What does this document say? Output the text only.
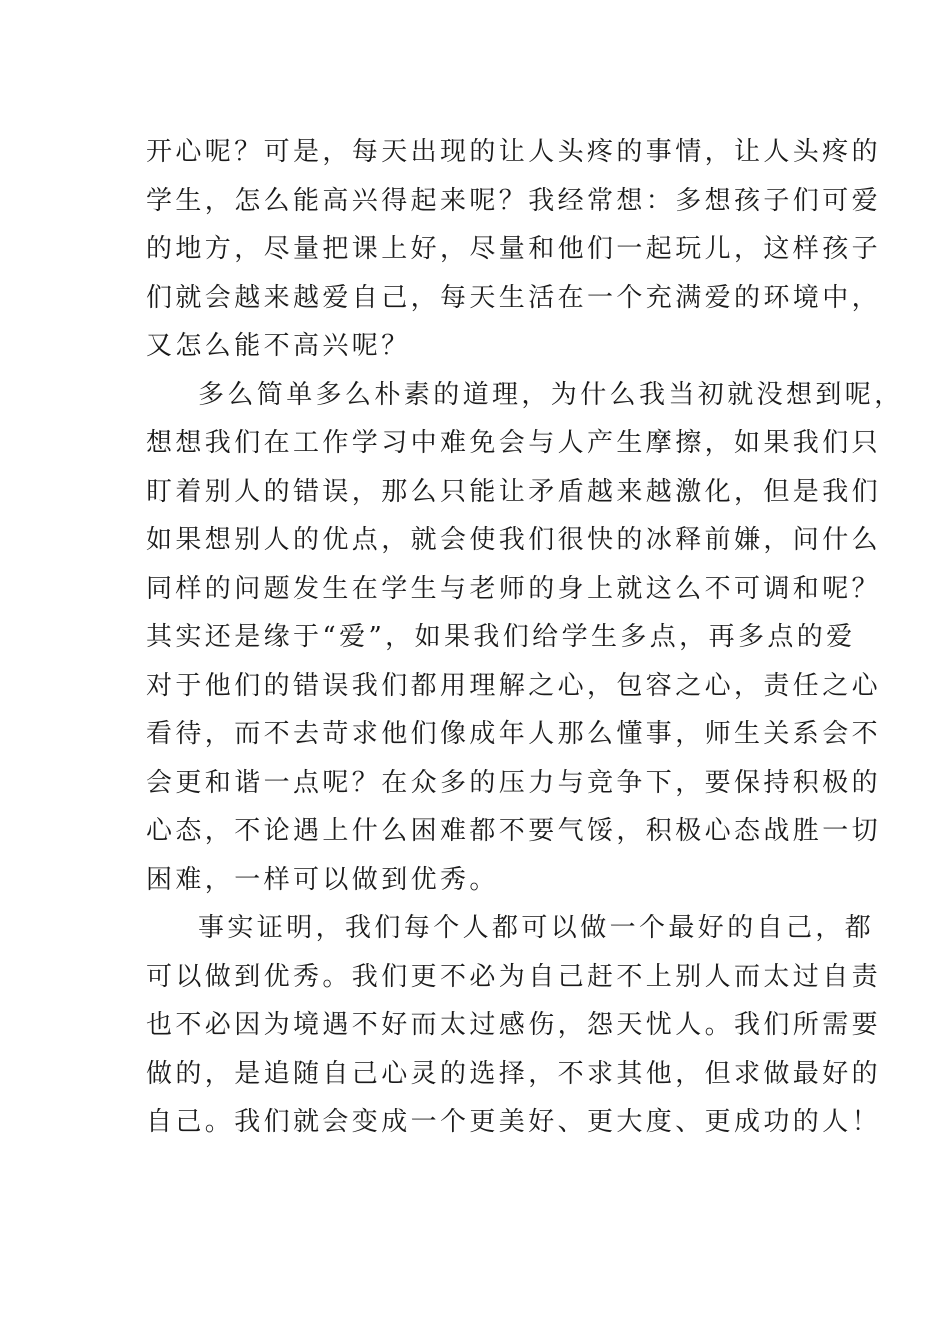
开心呢？可是，每天出现的让人头疼的事情，让人头疼的
学生，怎么能高兴得起来呢？我经常想：多想孩子们可爱
的地方，尽量把课上好，尽量和他们一起玩儿，这样孩子
们就会越来越爱自己，每天生活在一个充满爱的环境中，
又怎么能不高兴呢？
多么简单多么朴素的道理，为什么我当初就没想到呢，
想想我们在工作学习中难免会与人产生摩擦，如果我们只
盯着别人的错误，那么只能让矛盾越来越激化，但是我们
如果想别人的优点，就会使我们很快的冰释前嫌，问什么
同样的问题发生在学生与老师的身上就这么不可调和呢？
其实还是缘于“爱”，如果我们给学生多点，再多点的爱
对于他们的错误我们都用理解之心，包容之心，责任之心
看待，而不去苛求他们像成年人那么懂事，师生关系会不
会更和谐一点呢？在众多的压力与竞争下，要保持积极的
心态，不论遇上什么困难都不要气馁，积极心态战胜一切
困难，一样可以做到优秀。
事实证明，我们每个人都可以做一个最好的自己，都
可以做到优秀。我们更不必为自己赶不上别人而太过自责
也不必因为境遇不好而太过感伤，怨天忧人。我们所需要
做的，是追随自己心灵的选择，不求其他，但求做最好的
自己。我们就会变成一个更美好、更大度、更成功的人！
